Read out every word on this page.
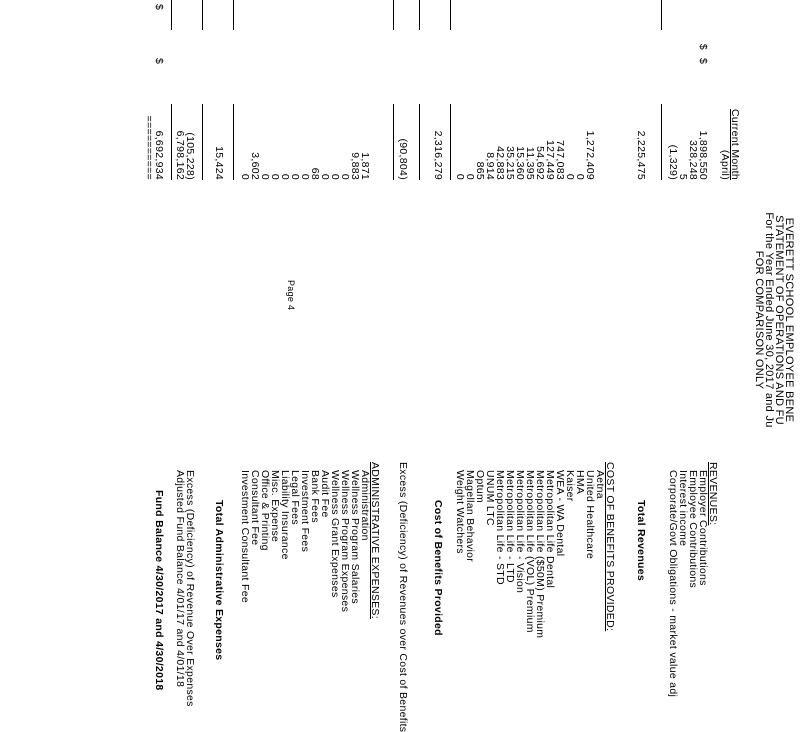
EVERETT SCHOOL EMPLOYEE BENE
STATEMENT OF OPERATIONS AND FU
For the Year Ended June 30, 2017 and Ju
FOR COMPARISON ONLY
Current Month
(April)
REVENUES:
Employer Contributions
$
1,898,550
Employee Contributions
328,248
Interest income
5
Corporate/Govt Obligations - market value adj
(1,329)
Total Revenues
2,225,475
COST OF BENEFITS PROVIDED:
Aetna
United Healthcare
1,272,409
HMA
0
Kaiser
0
WEA - WA Dental
747,083
Metropolitan Life Dental
127,449
Metropolitan Life ($50M) Premium
54,692
Metropolitan Life (VOL) Premium
11,395
Metropolitan Life - Vision
15,360
Metropolitan Life - LTD
35,215
Metropolitan Life - STD
42,883
UNUM LTC
8,914
Optum
865
Magellan Behavior
0
Weight Watchers
0
Cost of Benefits Provided
2,316,279
Excess (Deficiency) of Revenues over Cost of Benefits
(90,804)
ADMINISTRATIVE EXPENSES:
Administration
1,871
Wellness Program Salaries
9,883
Wellness Program Expenses
0
Wellness Grant Expenses
0
Audit Fee
0
Bank Fees
68
Investment Fees
0
Legal Fees
0
Liability Insurance
0
Misc. Expense
0
Office & Printing
0
Consultant Fee
3,602
Investment Consultant Fee
0
Total Administrative Expenses
15,424
Excess (Deficiency) of Revenue Over Expenses
(105,228)
Adjusted Fund Balance 4/01/17 and 4/01/18
6,798,162
Fund Balance 4/30/2017 and 4/30/2018
$
6,692,934
==========
$
$
Page 4
